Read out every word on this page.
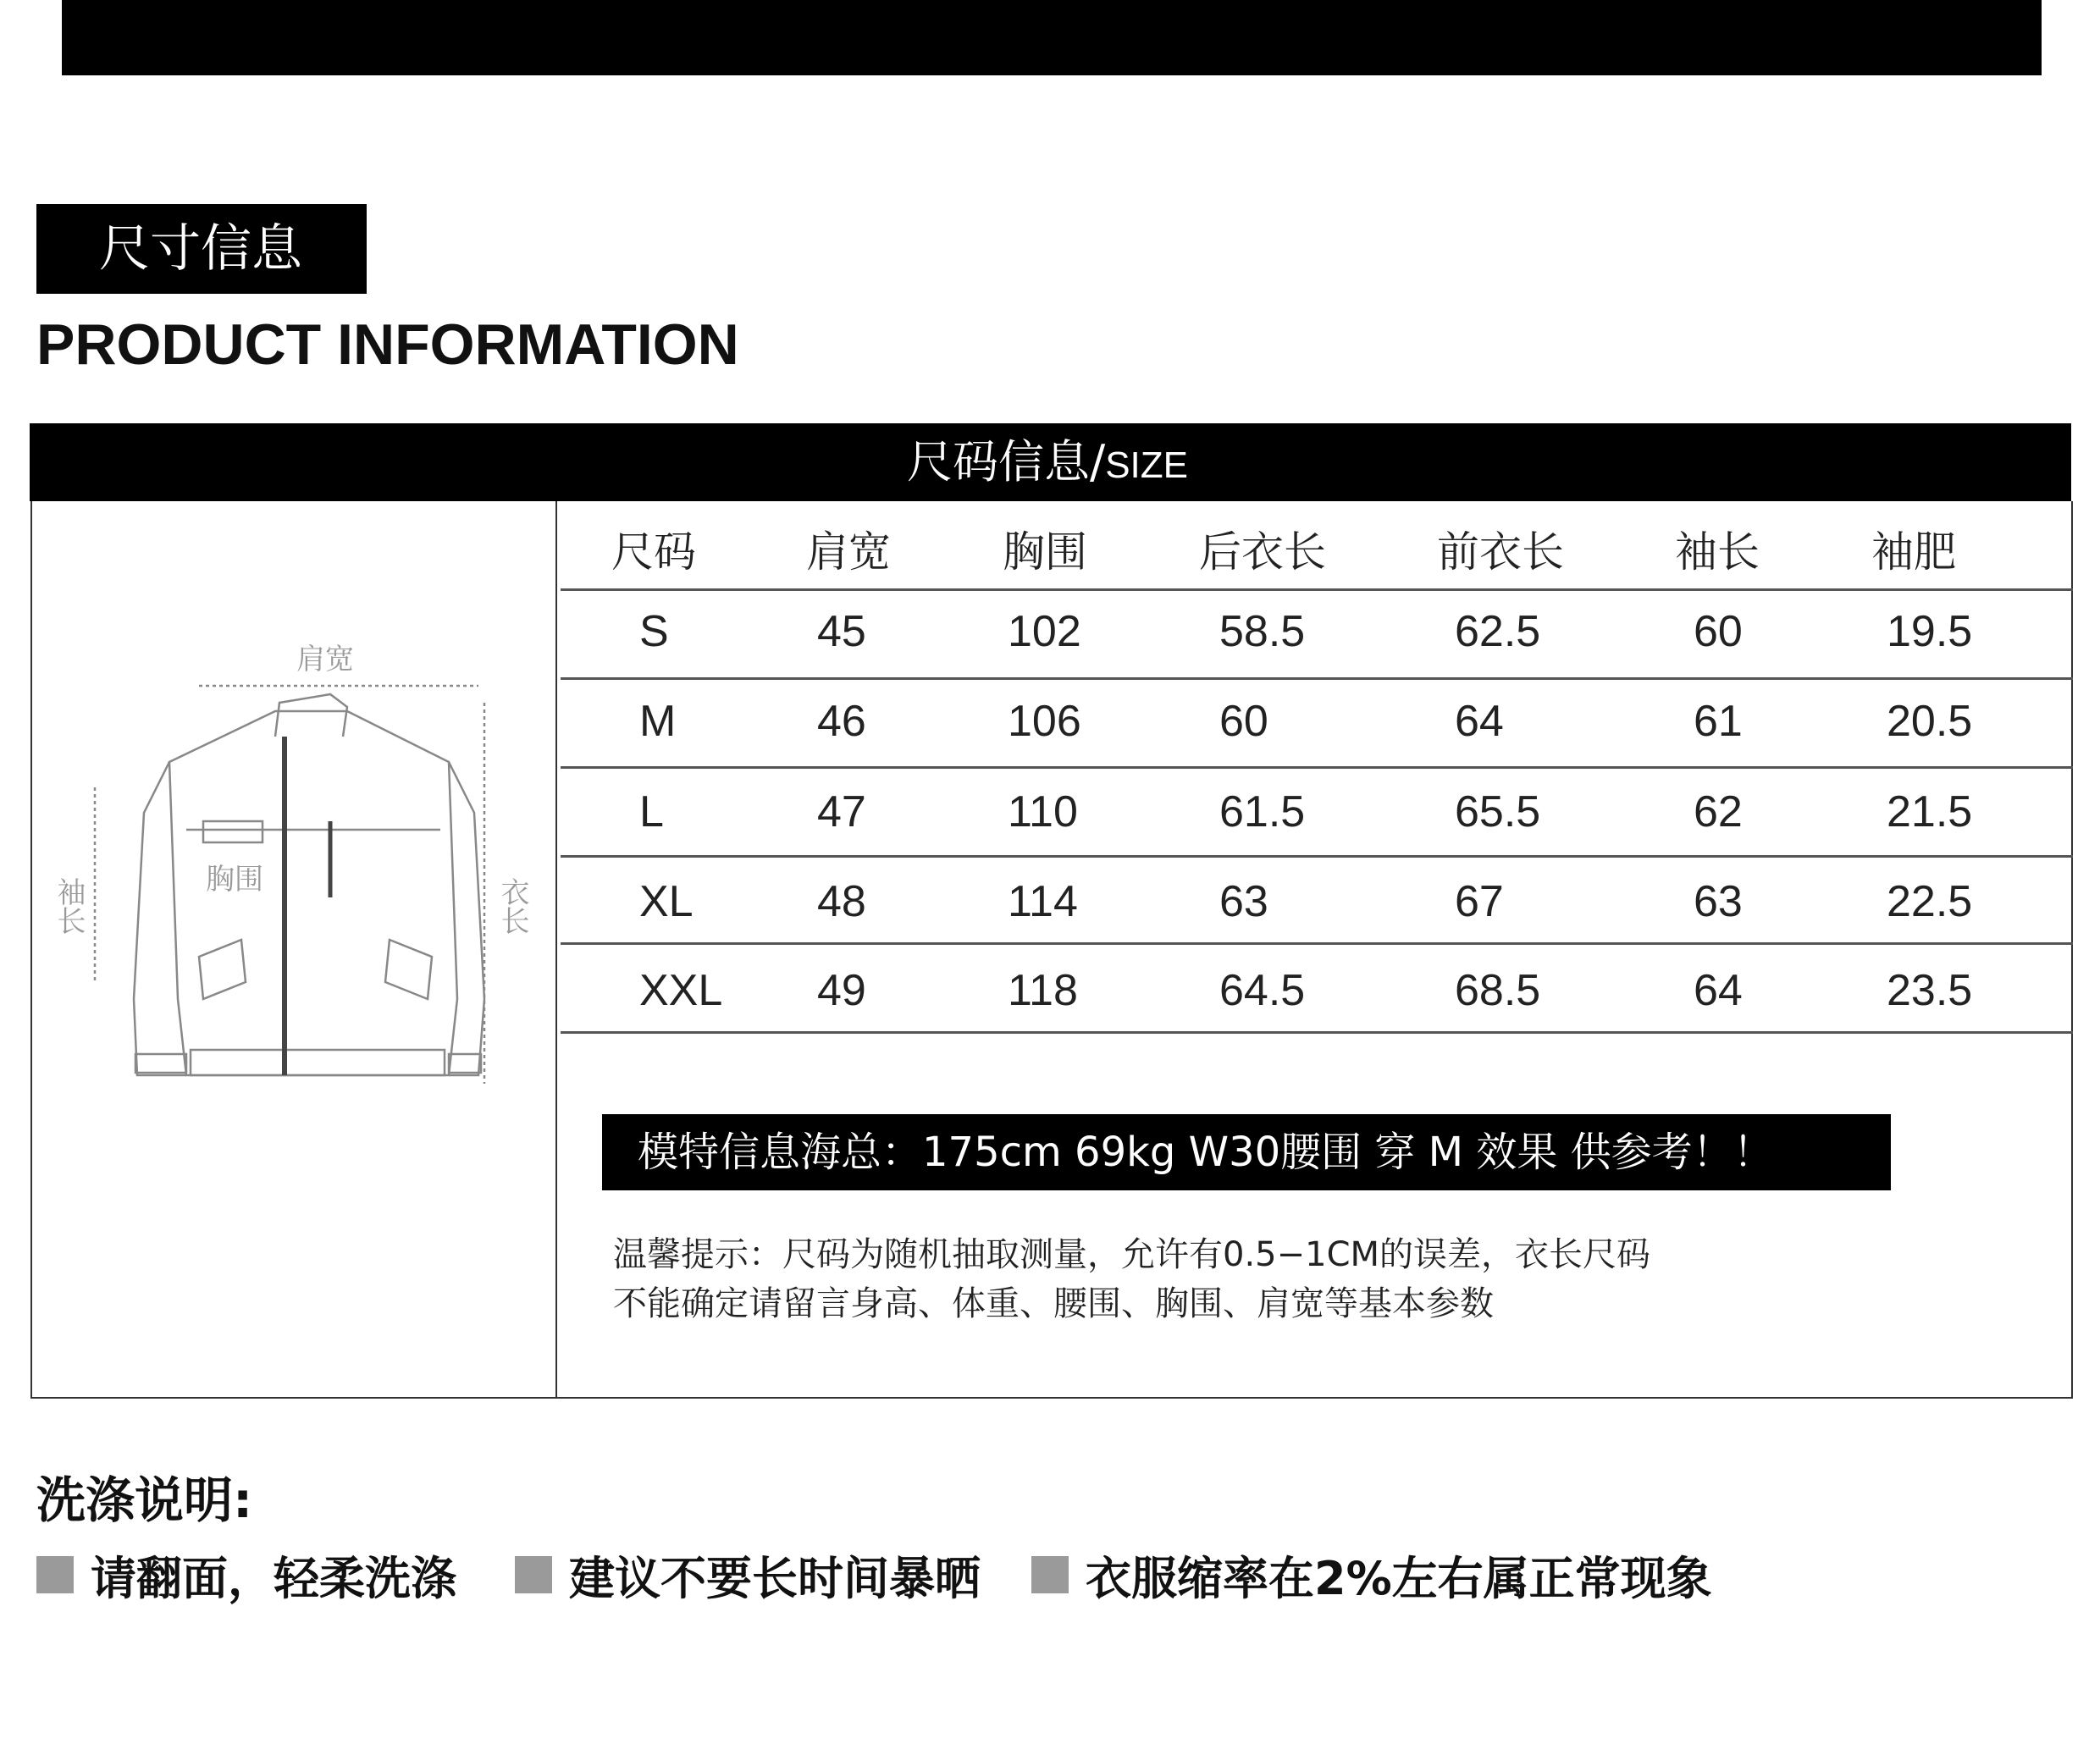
尺寸信息
PRODUCT INFORMATION
尺码信息/SIZE
肩宽
胸围
袖长	衣长
尺码	肩宽	胸围	后衣长	前衣长	袖长	袖肥
S	45	102	58.5	62.5	60	19.5
M	46	106	60	64	61	20.5
L	47	110	61.5	65.5	62	21.5
XL	48	114	63	67	63	22.5
XXL 49	118	64.5	68.5	64	23.5
模特信息海总：175cm 69kg W30腰围 穿 M 效果 供参考！！
温馨提示：尺码为随机抽取测量，允许有0.5−1CM的误差，衣长尺码
不能确定请留言身高、体重、腰围、胸围、肩宽等基本参数
洗涤说明:
请翻面，轻柔洗涤 建议不要长时间暴晒 衣服缩率在2%左右属正常现象
